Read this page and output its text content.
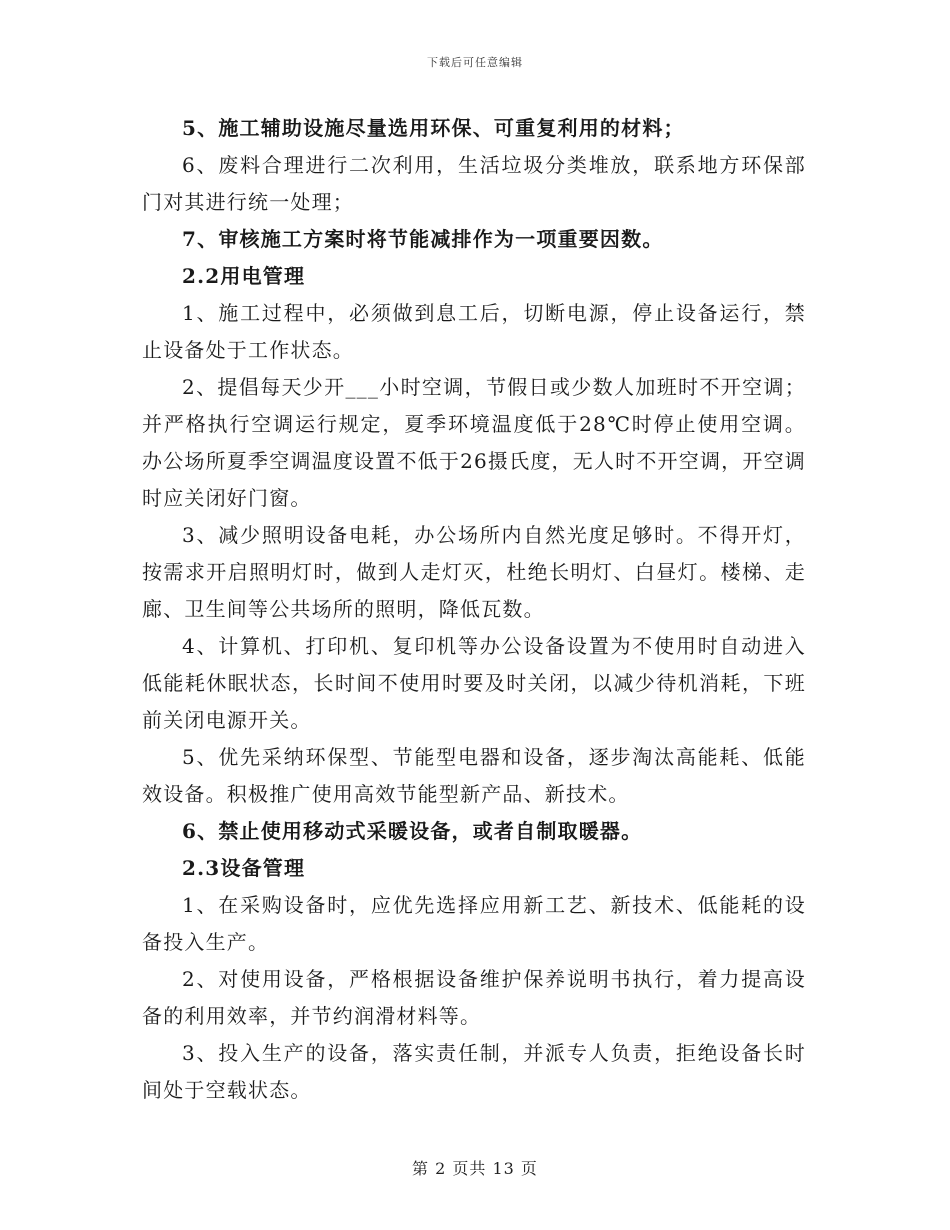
下载后可任意编辑

5、施工辅助设施尽量选用环保、可重复利用的材料；

6、废料合理进行二次利用，生活垃圾分类堆放，联系地方环保部门对其进行统一处理；

7、审核施工方案时将节能减排作为一项重要因数。

2.2用电管理

1、施工过程中，必须做到息工后，切断电源，停止设备运行，禁止设备处于工作状态。

2、提倡每天少开___小时空调，节假日或少数人加班时不开空调；并严格执行空调运行规定，夏季环境温度低于28℃时停止使用空调。办公场所夏季空调温度设置不低于26摄氏度，无人时不开空调，开空调时应关闭好门窗。

3、减少照明设备电耗，办公场所内自然光度足够时。不得开灯，按需求开启照明灯时，做到人走灯灭，杜绝长明灯、白昼灯。楼梯、走廊、卫生间等公共场所的照明，降低瓦数。

4、计算机、打印机、复印机等办公设备设置为不使用时自动进入低能耗休眠状态，长时间不使用时要及时关闭，以减少待机消耗，下班前关闭电源开关。

5、优先采纳环保型、节能型电器和设备，逐步淘汰高能耗、低能效设备。积极推广使用高效节能型新产品、新技术。

6、禁止使用移动式采暖设备，或者自制取暖器。

2.3设备管理

1、在采购设备时，应优先选择应用新工艺、新技术、低能耗的设备投入生产。

2、对使用设备，严格根据设备维护保养说明书执行，着力提高设备的利用效率，并节约润滑材料等。

3、投入生产的设备，落实责任制，并派专人负责，拒绝设备长时间处于空载状态。

第 2 页共 13 页
